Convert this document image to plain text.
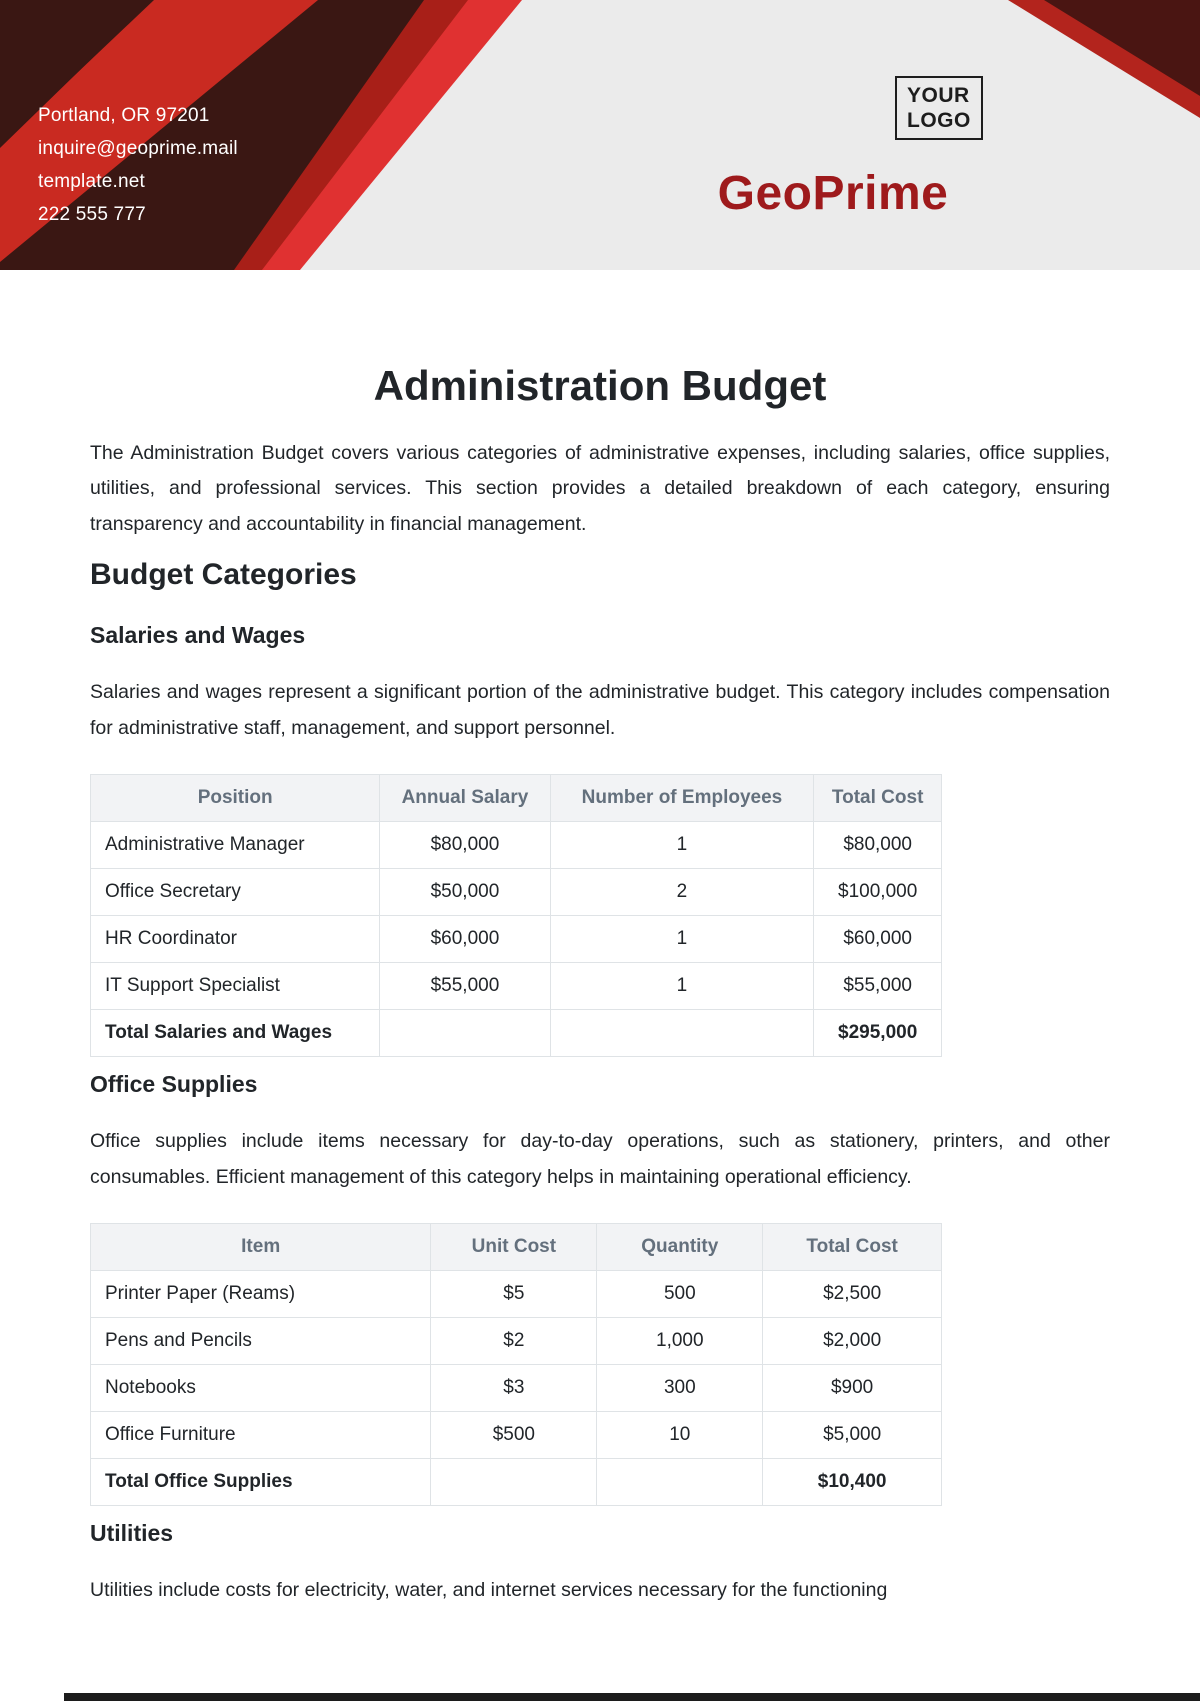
Portland, OR 97201
inquire@geoprime.mail
template.net
222 555 777
YOUR
LOGO
GeoPrime
Administration Budget

The Administration Budget covers various categories of administrative expenses, including salaries, office supplies, utilities, and professional services. This section provides a detailed breakdown of each category, ensuring transparency and accountability in financial management.

Budget Categories
Salaries and Wages

Salaries and wages represent a significant portion of the administrative budget. This category includes compensation for administrative staff, management, and support personnel.

Position	Annual Salary	Number of Employees	Total Cost
Administrative Manager	$80,000	1	$80,000
Office Secretary	$50,000	2	$100,000
HR Coordinator	$60,000	1	$60,000
IT Support Specialist	$55,000	1	$55,000
Total Salaries and Wages			$295,000
Office Supplies

Office supplies include items necessary for day-to-day operations, such as stationery, printers, and other consumables. Efficient management of this category helps in maintaining operational efficiency.

Item	Unit Cost	Quantity	Total Cost
Printer Paper (Reams)	$5	500	$2,500
Pens and Pencils	$2	1,000	$2,000
Notebooks	$3	300	$900
Office Furniture	$500	10	$5,000
Total Office Supplies			$10,400
Utilities

Utilities include costs for electricity, water, and internet services necessary for the functioning
